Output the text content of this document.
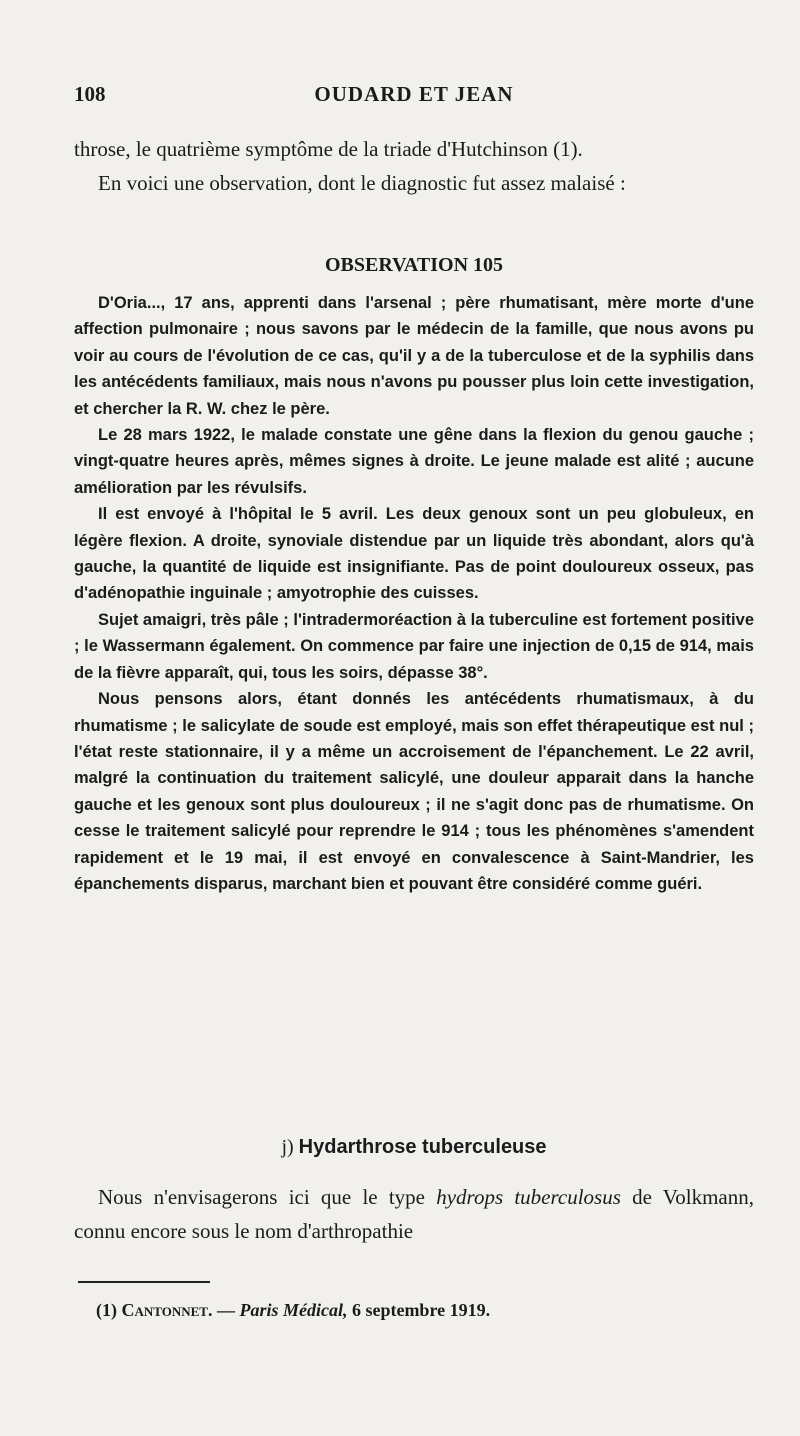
108	OUDARD ET JEAN

throse, le quatrième symptôme de la triade d'Hutchinson (1).

En voici une observation, dont le diagnostic fut assez malaisé :

OBSERVATION 105

D'Oria..., 17 ans, apprenti dans l'arsenal ; père rhumatisant, mère morte d'une affection pulmonaire ; nous savons par le médecin de la famille, que nous avons pu voir au cours de l'évolution de ce cas, qu'il y a de la tuberculose et de la syphilis dans les antécédents familiaux, mais nous n'avons pu pousser plus loin cette investigation, et chercher la R. W. chez le père.

Le 28 mars 1922, le malade constate une gêne dans la flexion du genou gauche ; vingt-quatre heures après, mêmes signes à droite. Le jeune malade est alité ; aucune amélioration par les révulsifs.

Il est envoyé à l'hôpital le 5 avril. Les deux genoux sont un peu globuleux, en légère flexion. A droite, synoviale distendue par un liquide très abondant, alors qu'à gauche, la quantité de liquide est insignifiante. Pas de point douloureux osseux, pas d'adénopathie inguinale ; amyotrophie des cuisses.

Sujet amaigri, très pâle ; l'intradermoréaction à la tuberculine est fortement positive ; le Wassermann également. On commence par faire une injection de 0,15 de 914, mais de la fièvre apparaît, qui, tous les soirs, dépasse 38°.

Nous pensons alors, étant donnés les antécédents rhumatismaux, à du rhumatisme ; le salicylate de soude est employé, mais son effet thérapeutique est nul ; l'état reste stationnaire, il y a même un accroisement de l'épanchement. Le 22 avril, malgré la continuation du traitement salicylé, une douleur apparait dans la hanche gauche et les genoux sont plus douloureux ; il ne s'agit donc pas de rhumatisme. On cesse le traitement salicylé pour reprendre le 914 ; tous les phénomènes s'amendent rapidement et le 19 mai, il est envoyé en convalescence à Saint-Mandrier, les épanchements disparus, marchant bien et pouvant être considéré comme guéri.

j) Hydarthrose tuberculeuse

Nous n'envisagerons ici que le type hydrops tuberculosus de Volkmann, connu encore sous le nom d'arthropathie

(1) Cantonnet. — Paris Médical, 6 septembre 1919.
